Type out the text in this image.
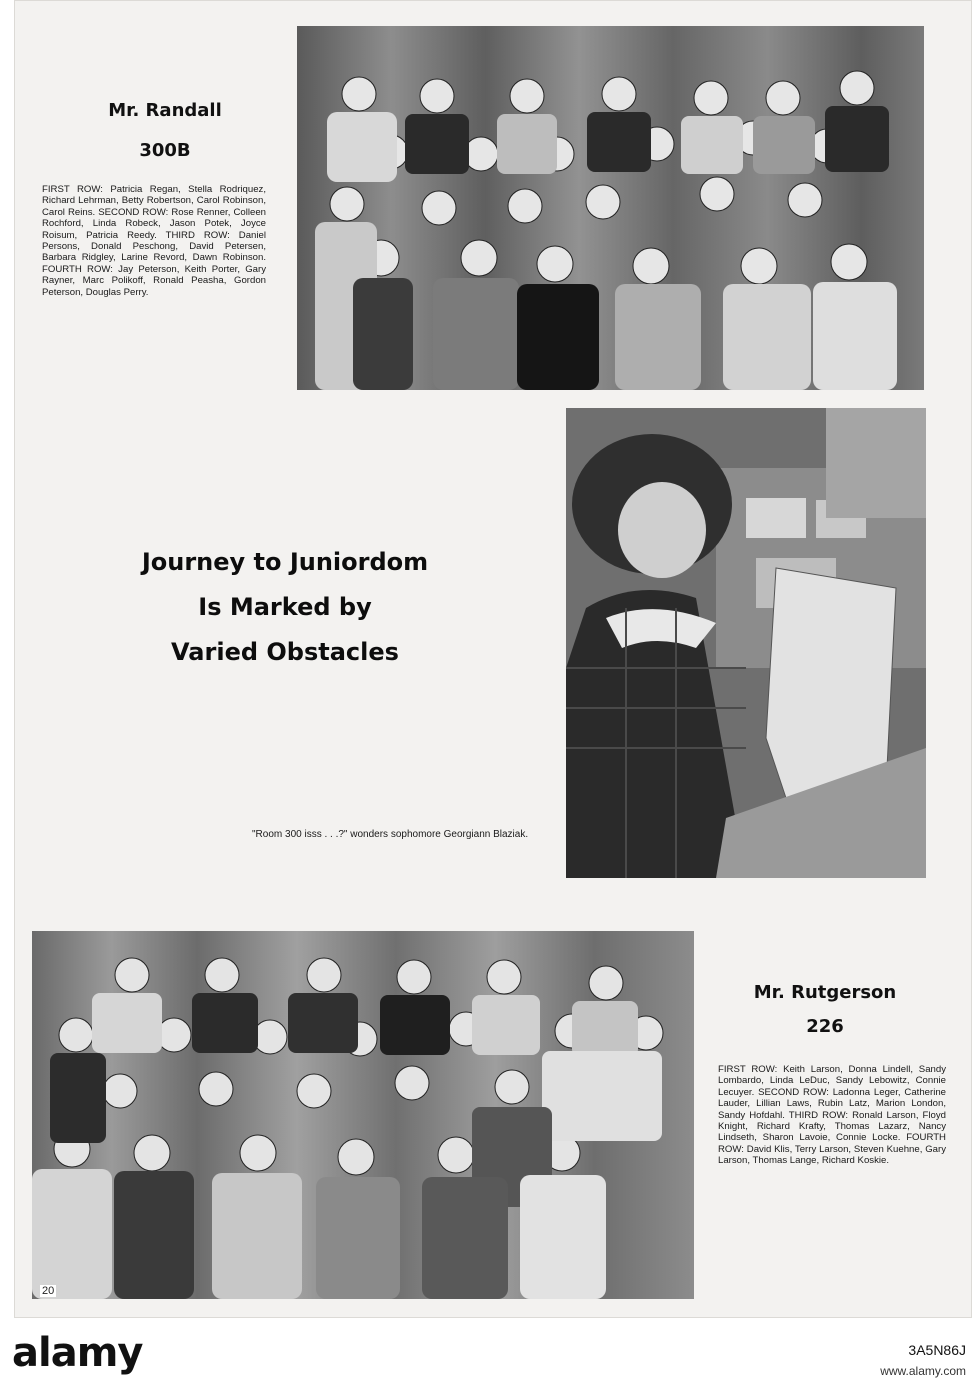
Mr. Randall
300B
FIRST ROW: Patricia Regan, Stella Rodriquez, Richard Lehrman, Betty Robertson, Carol Robinson, Carol Reins. SECOND ROW: Rose Renner, Colleen Rochford, Linda Robeck, Jason Potek, Joyce Roisum, Patricia Reedy. THIRD ROW: Daniel Persons, Donald Peschong, David Petersen, Barbara Ridgley, Larine Revord, Dawn Robinson. FOURTH ROW: Jay Peterson, Keith Porter, Gary Rayner, Marc Polikoff, Ronald Peasha, Gordon Peterson, Douglas Perry.
Journey to Juniordom
Is Marked by
Varied Obstacles
"Room 300 isss . . .?" wonders sophomore Georgiann Blaziak.
Mr. Rutgerson
226
FIRST ROW: Keith Larson, Donna Lindell, Sandy Lombardo, Linda LeDuc, Sandy Lebowitz, Connie Lecuyer. SECOND ROW: Ladonna Leger, Catherine Lauder, Lillian Laws, Rubin Latz, Marion London, Sandy Hofdahl. THIRD ROW: Ronald Larson, Floyd Knight, Richard Krafty, Thomas Lazarz, Nancy Lindseth, Sharon Lavoie, Connie Locke. FOURTH ROW: David Klis, Terry Larson, Steven Kuehne, Gary Larson, Thomas Lange, Richard Koskie.
20
alamy	3A5N86J
www.alamy.com
